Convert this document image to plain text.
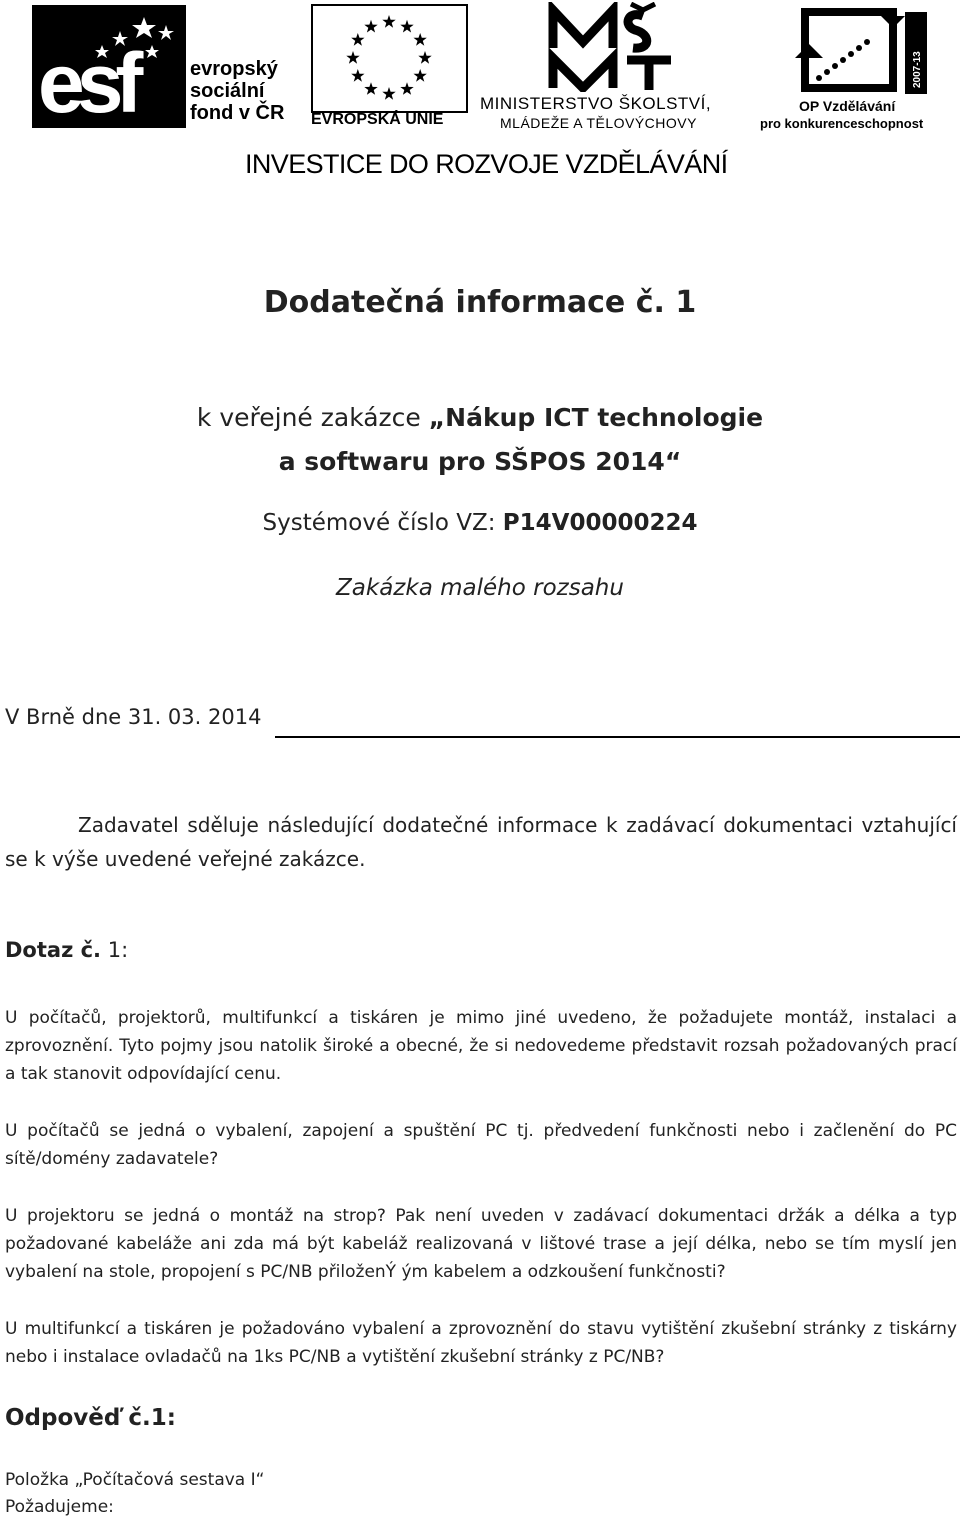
esf	evropský
sociální
fond v ČR EVROPSKÁ UNIE
MINISTERSTVO ŠKOLSTVÍ,
MLÁDEŽE A TĚLOVÝCHOVY
2007-13
OP Vzdělávání
pro konkurenceschopnost
INVESTICE DO ROZVOJE VZDĚLÁVÁNÍ
Dodatečná informace č. 1
k veřejné zakázce „Nákup ICT technologie
a softwaru pro SŠPOS 2014“
Systémové číslo VZ: P14V00000224
Zakázka malého rozsahu
V Brně dne 31. 03. 2014
Zadavatel sděluje následující dodatečné informace k zadávací dokumentaci vztahující se k výše uvedené veřejné zakázce.
Dotaz č. 1:
U počítačů, projektorů, multifunkcí a tiskáren je mimo jiné uvedeno, že požadujete montáž, instalaci a zprovoznění. Tyto pojmy jsou natolik široké a obecné, že si nedovedeme představit rozsah požadovaných prací a tak stanovit odpovídající cenu.
U počítačů se jedná o vybalení, zapojení a spuštění PC tj. předvedení funkčnosti nebo i začlenění do PC sítě/domény zadavatele?
U projektoru se jedná o montáž na strop? Pak není uveden v zadávací dokumentaci držák a délka a typ požadované kabeláže ani zda má být kabeláž realizovaná v lištové trase a její délka, nebo se tím myslí jen vybalení na stole, propojení s PC/NB přiloženÝ ým kabelem a odzkoušení funkčnosti?
U multifunkcí a tiskáren je požadováno vybalení a zprovoznění do stavu vytištění zkušební stránky z tiskárny nebo i instalace ovladačů na 1ks PC/NB a vytištění zkušební stránky z PC/NB?
Odpověď č.1:
Položka „Počítačová sestava I“
Požadujeme:
